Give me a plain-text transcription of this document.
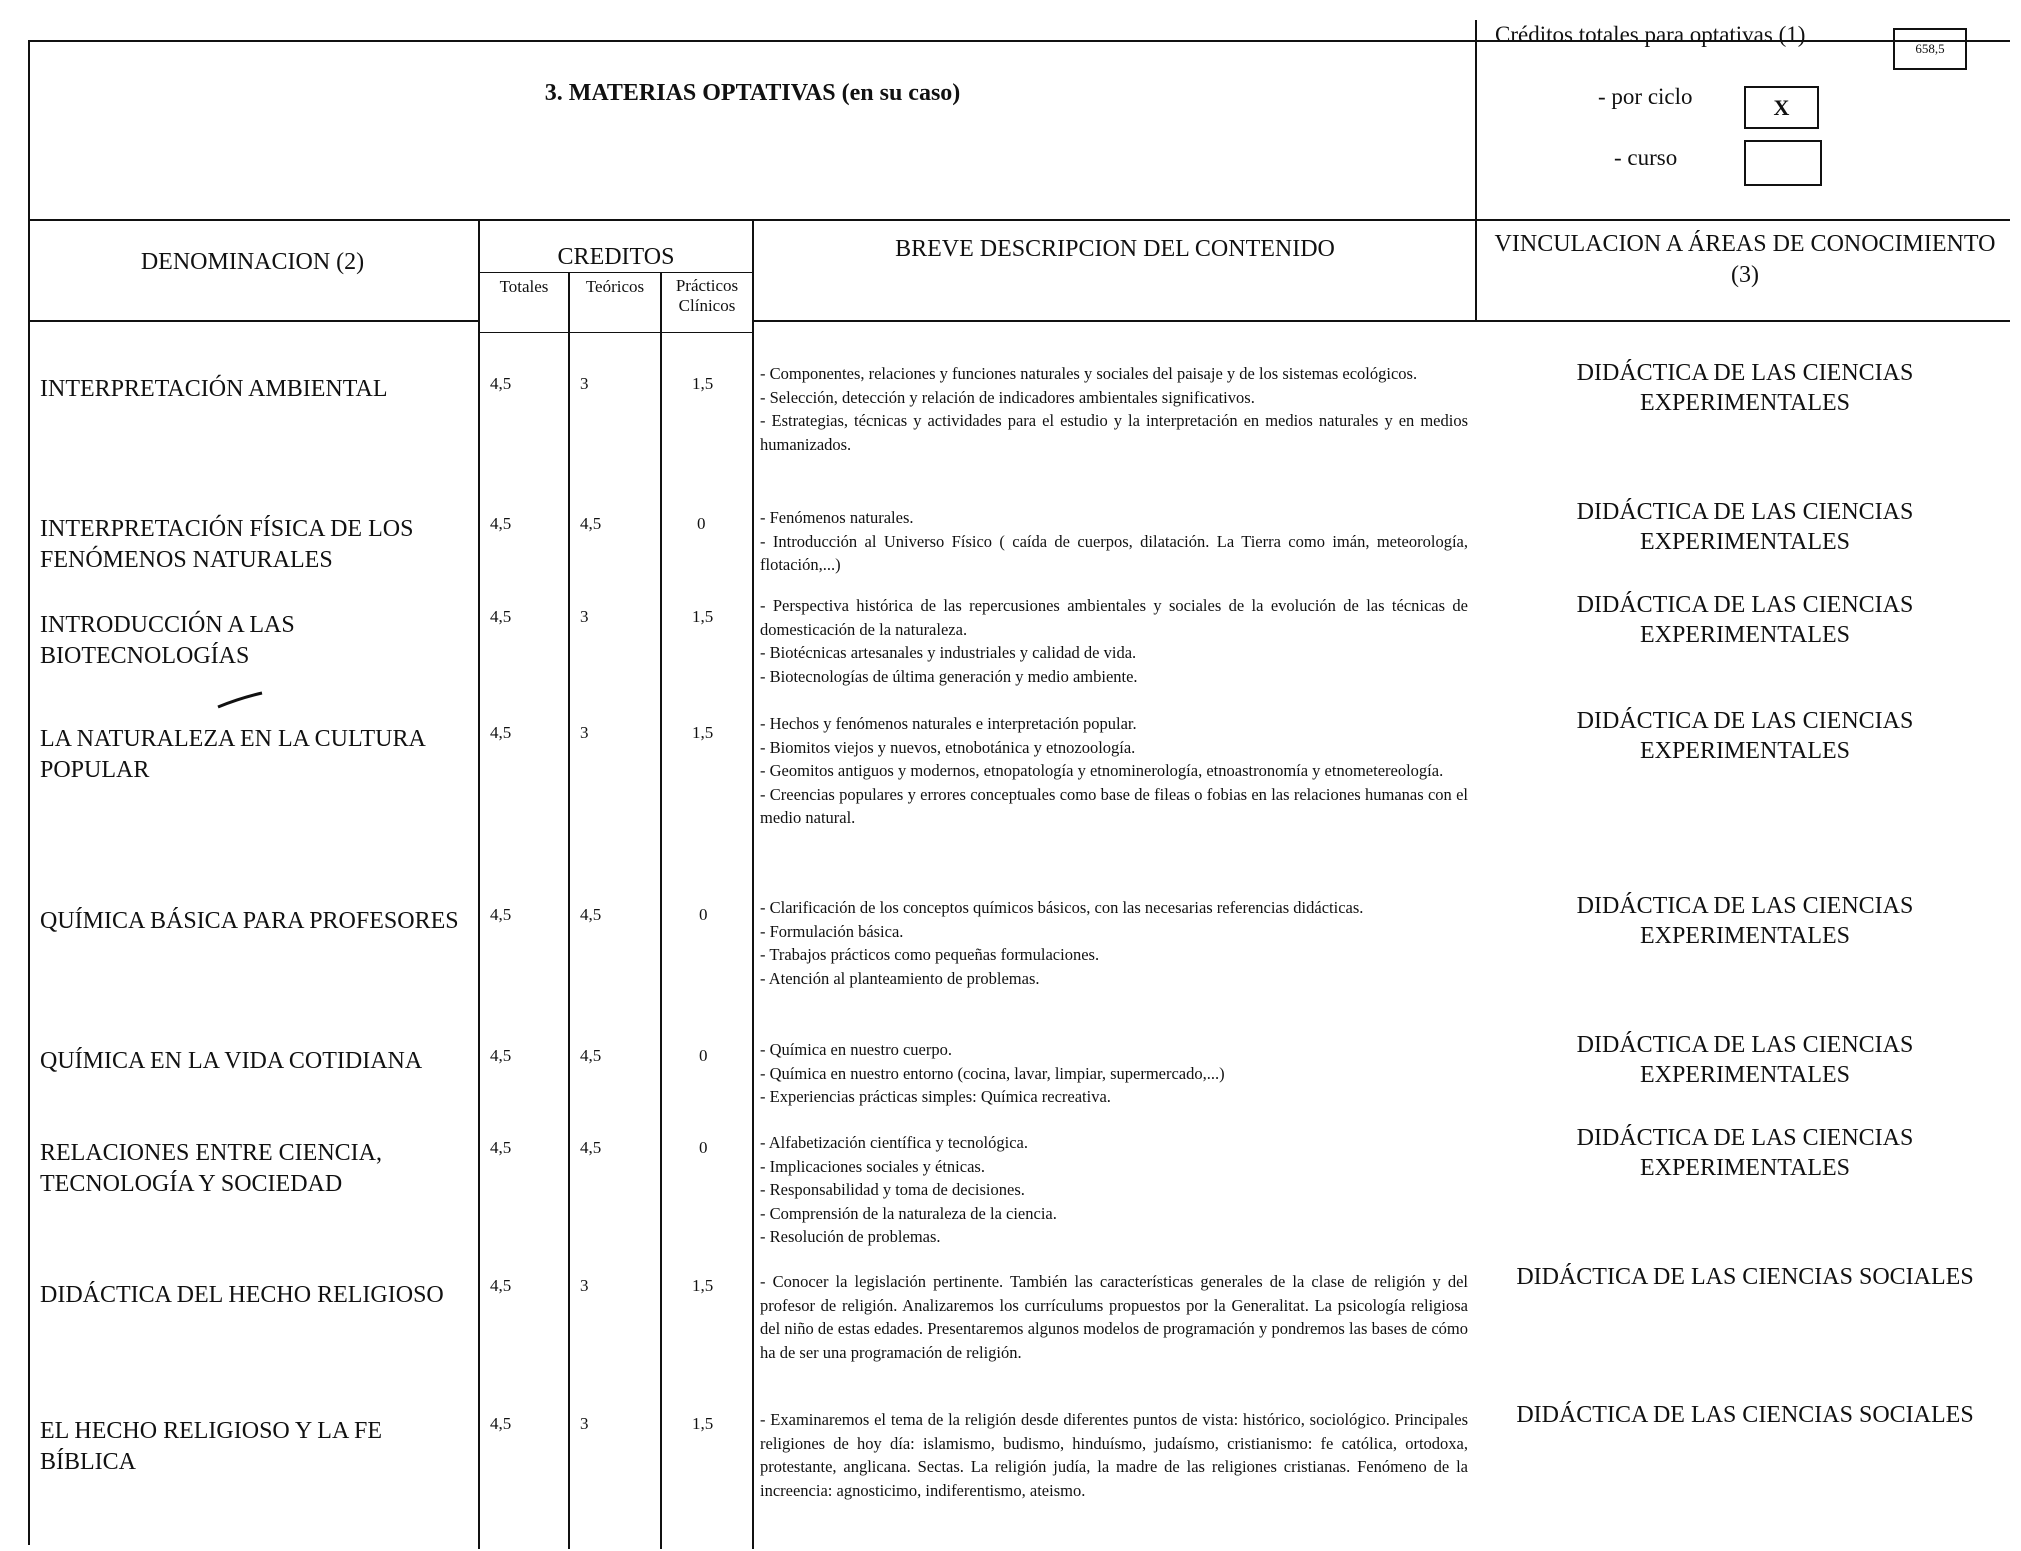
3. MATERIAS OPTATIVAS (en su caso)
Créditos totales para optativas (1)
658,5
- por ciclo	X
- curso
DENOMINACION (2)	CREDITOS
Totales	Teóricos	Prácticos Clínicos
BREVE DESCRIPCION DEL CONTENIDO	VINCULACION A ÁREAS DE CONOCIMIENTO (3)
INTERPRETACIÓN AMBIENTAL	4,5	3	1,5
- Componentes, relaciones y funciones naturales y sociales del paisaje y de los sistemas ecológicos.
- Selección, detección y relación de indicadores ambientales significativos.
- Estrategias, técnicas y actividades para el estudio y la interpretación en medios naturales y en medios humanizados.
DIDÁCTICA DE LAS CIENCIAS EXPERIMENTALES
INTERPRETACIÓN FÍSICA DE LOS FENÓMENOS NATURALES
4,5	4,5	0	- Fenómenos naturales.
- Introducción al Universo Físico ( caída de cuerpos, dilatación. La Tierra como imán, meteorología, flotación,...)
DIDÁCTICA DE LAS CIENCIAS EXPERIMENTALES
INTRODUCCIÓN A LAS BIOTECNOLOGÍAS
4,5	3	1,5
- Perspectiva histórica de las repercusiones ambientales y sociales de la evolución de las técnicas de domesticación de la naturaleza.
- Biotécnicas artesanales y industriales y calidad de vida.
- Biotecnologías de última generación y medio ambiente.
DIDÁCTICA DE LAS CIENCIAS EXPERIMENTALES
LA NATURALEZA EN LA CULTURA POPULAR
4,5	3	1,5	- Hechos y fenómenos naturales e interpretación popular.
- Biomitos viejos y nuevos, etnobotánica y etnozoología.
- Geomitos antiguos y modernos, etnopatología y etnominerología, etnoastronomía y etnometereología.
- Creencias populares y errores conceptuales como base de fileas o fobias en las relaciones humanas con el medio natural.
DIDÁCTICA DE LAS CIENCIAS EXPERIMENTALES
QUÍMICA BÁSICA PARA PROFESORES	4,5	4,5	0	- Clarificación de los conceptos químicos básicos, con las necesarias referencias didácticas.
- Formulación básica.
- Trabajos prácticos como pequeñas formulaciones.
- Atención al planteamiento de problemas.
DIDÁCTICA DE LAS CIENCIAS EXPERIMENTALES
QUÍMICA EN LA VIDA COTIDIANA	4,5	4,5	0	- Química en nuestro cuerpo.
- Química en nuestro entorno (cocina, lavar, limpiar, supermercado,...)
- Experiencias prácticas simples: Química recreativa.
DIDÁCTICA DE LAS CIENCIAS EXPERIMENTALES
RELACIONES ENTRE CIENCIA, TECNOLOGÍA Y SOCIEDAD
4,5	4,5	0	- Alfabetización científica y tecnológica.
- Implicaciones sociales y étnicas.
- Responsabilidad y toma de decisiones.
- Comprensión de la naturaleza de la ciencia.
- Resolución de problemas.
DIDÁCTICA DE LAS CIENCIAS EXPERIMENTALES
DIDÁCTICA DEL HECHO RELIGIOSO	4,5	3	1,5	- Conocer la legislación pertinente. También las características generales de la clase de religión y del profesor de religión. Analizaremos los currículums propuestos por la Generalitat. La psicología religiosa del niño de estas edades. Presentaremos algunos modelos de programación y pondremos las bases de cómo ha de ser una programación de religión.
DIDÁCTICA DE LAS CIENCIAS SOCIALES
EL HECHO RELIGIOSO Y LA FE BÍBLICA
4,5	3	1,5	- Examinaremos el tema de la religión desde diferentes puntos de vista: histórico, sociológico. Principales religiones de hoy día: islamismo, budismo, hinduísmo, judaísmo, cristianismo: fe católica, ortodoxa, protestante, anglicana. Sectas. La religión judía, la madre de las religiones cristianas. Fenómeno de la increencia: agnosticimo, indiferentismo, ateismo.
DIDÁCTICA DE LAS CIENCIAS SOCIALES
